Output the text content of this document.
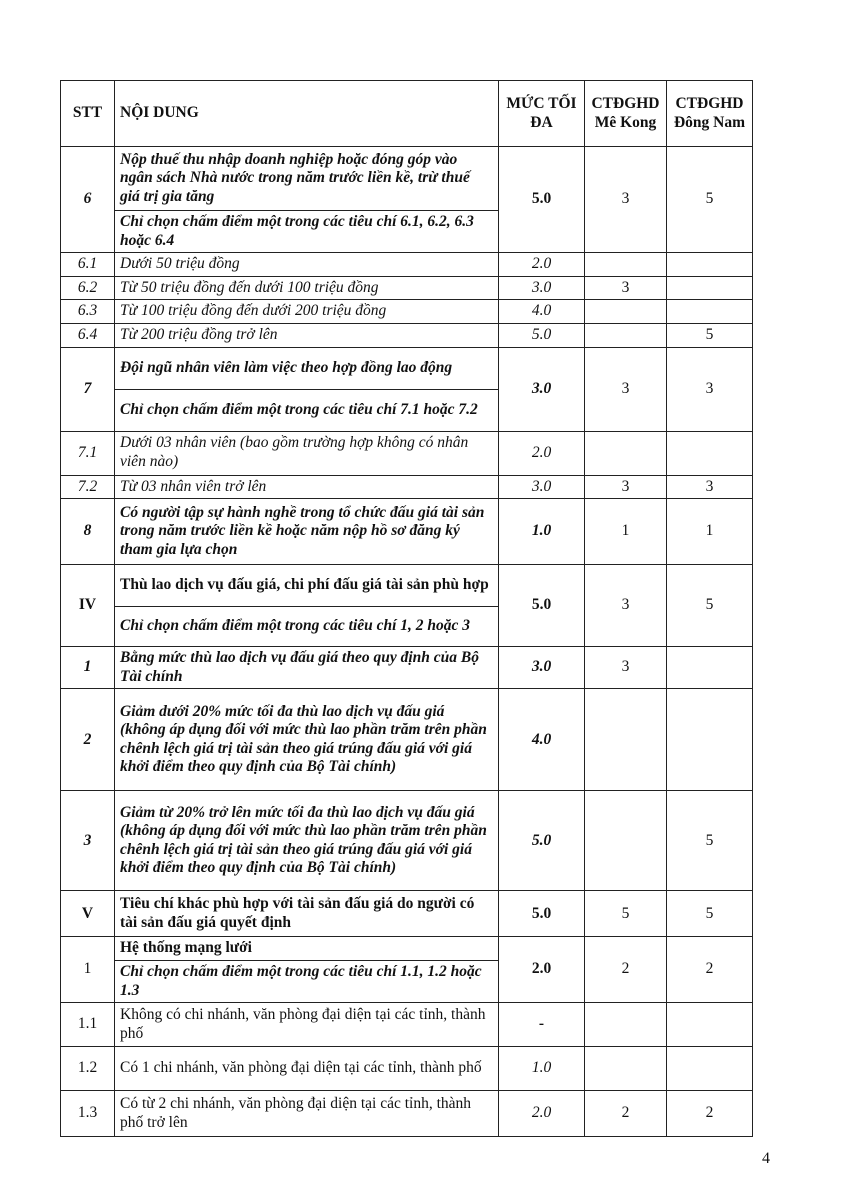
STT	NỘI DUNG	MỨC TỐI ĐA	CTĐGHD Mê Kong	CTĐGHD Đông Nam
6	Nộp thuế thu nhập doanh nghiệp hoặc đóng góp vào ngân sách Nhà nước trong năm trước liền kề, trừ thuế giá trị gia tăng	5.0	3	5
	Chỉ chọn chấm điểm một trong các tiêu chí 6.1, 6.2, 6.3 hoặc 6.4			
6.1	Dưới 50 triệu đồng	2.0		
6.2	Từ 50 triệu đồng đến dưới 100 triệu đồng	3.0	3	
6.3	Từ 100 triệu đồng đến dưới 200 triệu đồng	4.0		
6.4	Từ 200 triệu đồng trở lên	5.0		5
7	Đội ngũ nhân viên làm việc theo hợp đồng lao động	3.0	3	3
	Chỉ chọn chấm điểm một trong các tiêu chí 7.1 hoặc 7.2			
7.1	Dưới 03 nhân viên (bao gồm trường hợp không có nhân viên nào)	2.0		
7.2	Từ 03 nhân viên trở lên	3.0	3	3
8	Có người tập sự hành nghề trong tổ chức đấu giá tài sản trong năm trước liền kề hoặc năm nộp hồ sơ đăng ký tham gia lựa chọn	1.0	1	1
IV	Thù lao dịch vụ đấu giá, chi phí đấu giá tài sản phù hợp	5.0	3	5
	Chỉ chọn chấm điểm một trong các tiêu chí 1, 2 hoặc 3			
1	Bằng mức thù lao dịch vụ đấu giá theo quy định của Bộ Tài chính	3.0	3	
2	Giảm dưới 20% mức tối đa thù lao dịch vụ đấu giá (không áp dụng đối với mức thù lao phần trăm trên phần chênh lệch giá trị tài sản theo giá trúng đấu giá với giá khởi điểm theo quy định của Bộ Tài chính)	4.0		
3	Giảm từ 20% trở lên mức tối đa thù lao dịch vụ đấu giá (không áp dụng đối với mức thù lao phần trăm trên phần chênh lệch giá trị tài sản theo giá trúng đấu giá với giá khởi điểm theo quy định của Bộ Tài chính)	5.0		5
V	Tiêu chí khác phù hợp với tài sản đấu giá do người có tài sản đấu giá quyết định	5.0	5	5
1	Hệ thống mạng lưới	2.0	2	2
	Chỉ chọn chấm điểm một trong các tiêu chí 1.1, 1.2 hoặc 1.3			
1.1	Không có chi nhánh, văn phòng đại diện tại các tỉnh, thành phố	-		
1.2	Có 1 chi nhánh, văn phòng đại diện tại các tỉnh, thành phố	1.0		
1.3	Có từ 2 chi nhánh, văn phòng đại diện tại các tỉnh, thành phố trở lên	2.0	2	2
4
